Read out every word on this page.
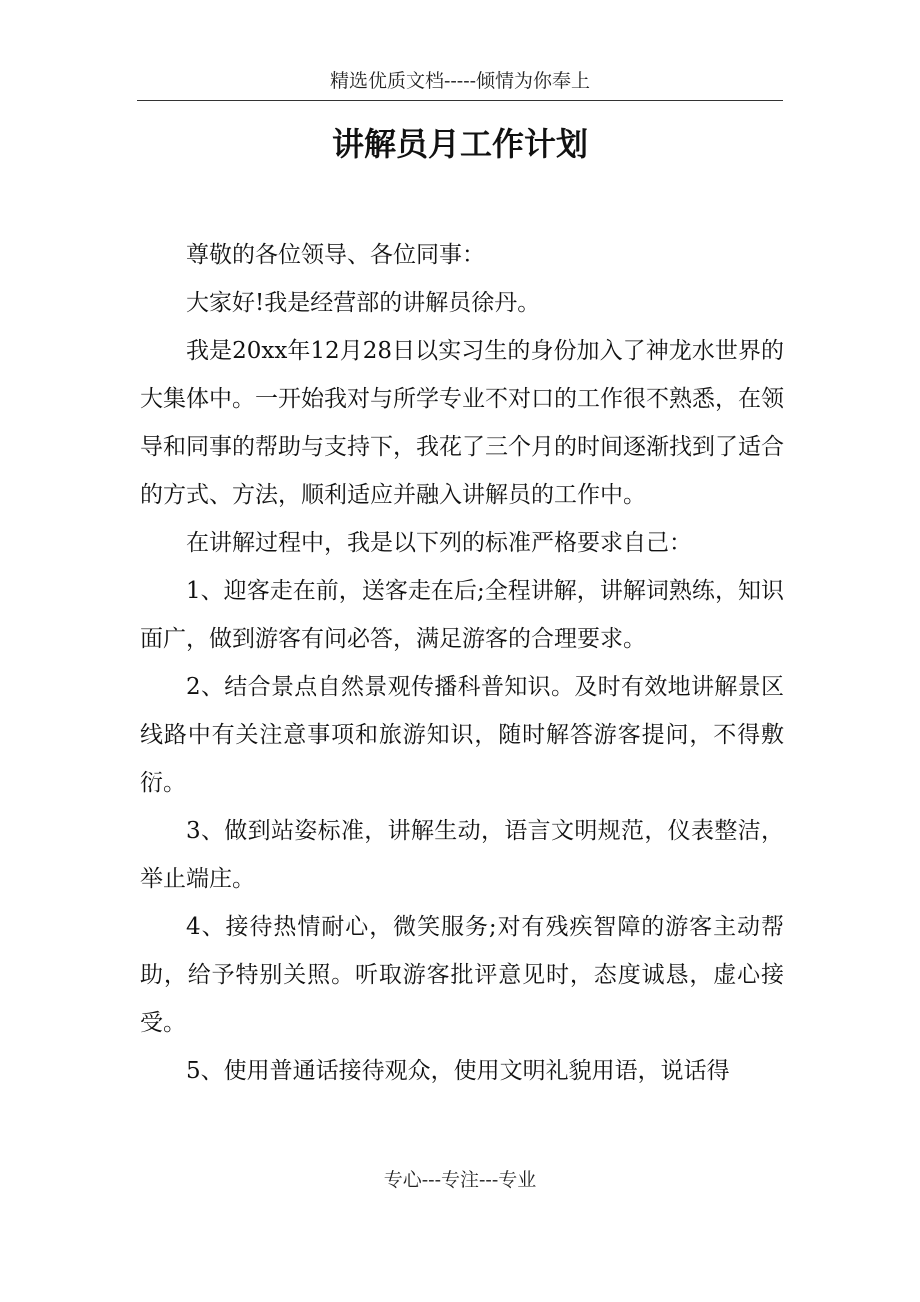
精选优质文档-----倾情为你奉上
讲解员月工作计划

尊敬的各位领导、各位同事：

大家好!我是经营部的讲解员徐丹。

我是20xx年12月28日以实习生的身份加入了神龙水世界的大集体中。一开始我对与所学专业不对口的工作很不熟悉，在领导和同事的帮助与支持下，我花了三个月的时间逐渐找到了适合的方式、方法，顺利适应并融入讲解员的工作中。

在讲解过程中，我是以下列的标准严格要求自己：

1、迎客走在前，送客走在后;全程讲解，讲解词熟练，知识面广，做到游客有问必答，满足游客的合理要求。

2、结合景点自然景观传播科普知识。及时有效地讲解景区线路中有关注意事项和旅游知识，随时解答游客提问，不得敷衍。

3、做到站姿标准，讲解生动，语言文明规范，仪表整洁，举止端庄。

4、接待热情耐心，微笑服务;对有残疾智障的游客主动帮助，给予特别关照。听取游客批评意见时，态度诚恳，虚心接受。

5、使用普通话接待观众，使用文明礼貌用语，说话得

专心---专注---专业
